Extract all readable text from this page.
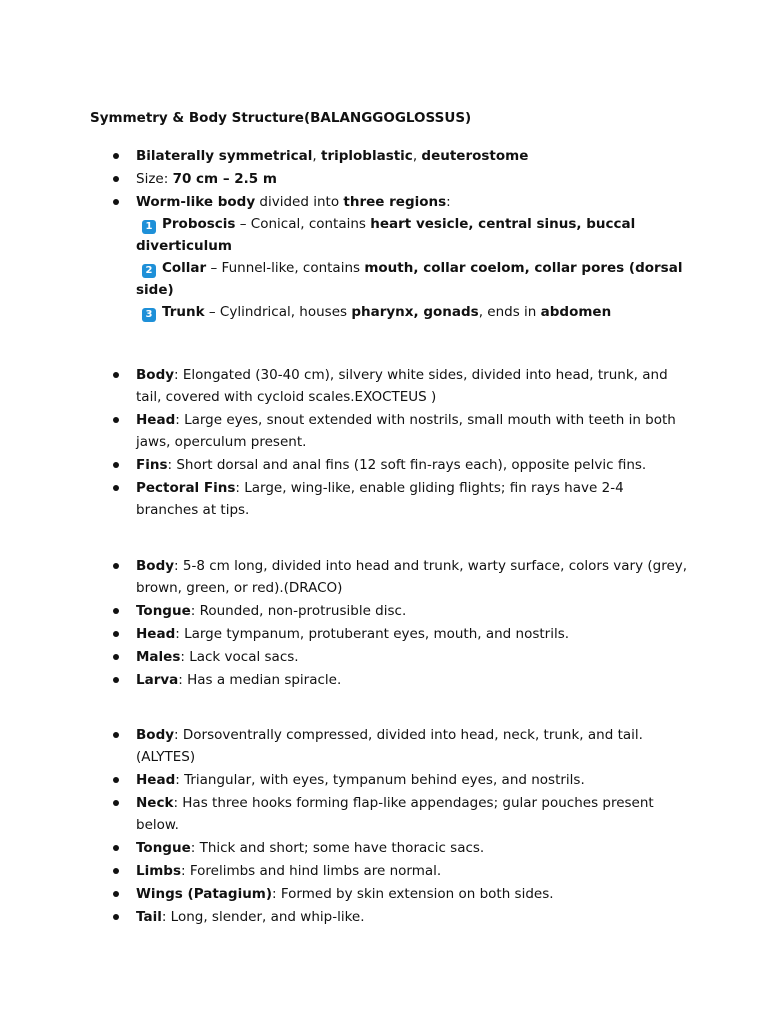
Symmetry & Body Structure(BALANGGOGLOSSUS)
Bilaterally symmetrical, triploblastic, deuterostome
Size: 70 cm – 2.5 m
Worm-like body divided into three regions:
1 Proboscis – Conical, contains heart vesicle, central sinus, buccal diverticulum
2 Collar – Funnel-like, contains mouth, collar coelom, collar pores (dorsal side)
3 Trunk – Cylindrical, houses pharynx, gonads, ends in abdomen
Body: Elongated (30-40 cm), silvery white sides, divided into head, trunk, and tail, covered with cycloid scales.EXOCTEUS )
Head: Large eyes, snout extended with nostrils, small mouth with teeth in both jaws, operculum present.
Fins: Short dorsal and anal fins (12 soft fin-rays each), opposite pelvic fins.
Pectoral Fins: Large, wing-like, enable gliding flights; fin rays have 2-4 branches at tips.
Body: 5-8 cm long, divided into head and trunk, warty surface, colors vary (grey, brown, green, or red).(DRACO)
Tongue: Rounded, non-protrusible disc.
Head: Large tympanum, protuberant eyes, mouth, and nostrils.
Males: Lack vocal sacs.
Larva: Has a median spiracle.
Body: Dorsoventrally compressed, divided into head, neck, trunk, and tail.(ALYTES)
Head: Triangular, with eyes, tympanum behind eyes, and nostrils.
Neck: Has three hooks forming flap-like appendages; gular pouches present below.
Tongue: Thick and short; some have thoracic sacs.
Limbs: Forelimbs and hind limbs are normal.
Wings (Patagium): Formed by skin extension on both sides.
Tail: Long, slender, and whip-like.
